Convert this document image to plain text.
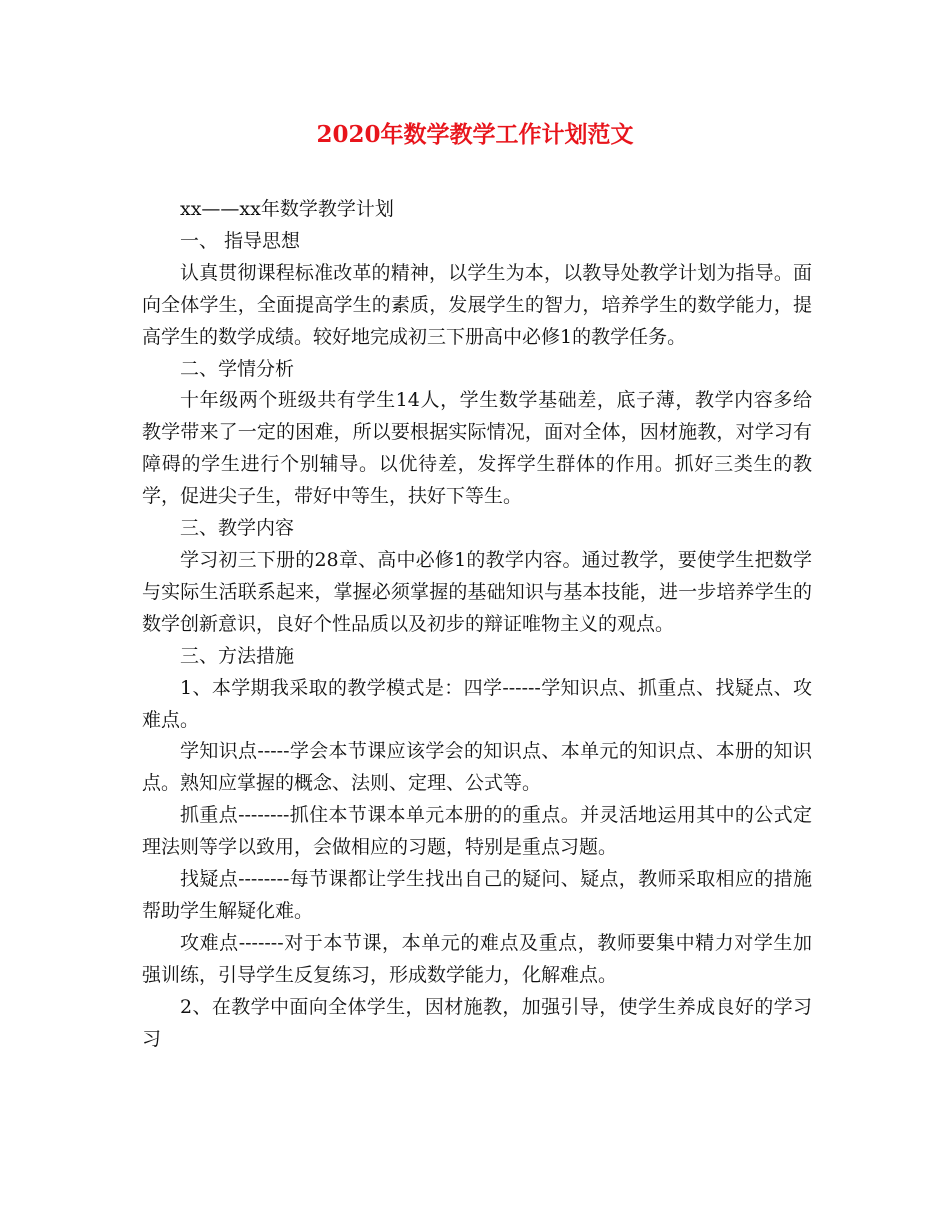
2020年数学教学工作计划范文

xx——xx年数学教学计划

一、 指导思想

认真贯彻课程标准改革的精神，以学生为本，以教导处教学计划为指导。面向全体学生，全面提高学生的素质，发展学生的智力，培养学生的数学能力，提高学生的数学成绩。较好地完成初三下册高中必修1的教学任务。

二、学情分析

十年级两个班级共有学生14人，学生数学基础差，底子薄，教学内容多给教学带来了一定的困难，所以要根据实际情况，面对全体，因材施教，对学习有障碍的学生进行个别辅导。以优待差，发挥学生群体的作用。抓好三类生的教学，促进尖子生，带好中等生，扶好下等生。

三、教学内容

学习初三下册的28章、高中必修1的教学内容。通过教学，要使学生把数学与实际生活联系起来，掌握必须掌握的基础知识与基本技能，进一步培养学生的数学创新意识，良好个性品质以及初步的辩证唯物主义的观点。

三、方法措施

1、本学期我采取的教学模式是：四学------学知识点、抓重点、找疑点、攻难点。

学知识点-----学会本节课应该学会的知识点、本单元的知识点、本册的知识点。熟知应掌握的概念、法则、定理、公式等。

抓重点--------抓住本节课本单元本册的的重点。并灵活地运用其中的公式定理法则等学以致用，会做相应的习题，特别是重点习题。

找疑点--------每节课都让学生找出自己的疑问、疑点，教师采取相应的措施帮助学生解疑化难。

攻难点-------对于本节课，本单元的难点及重点，教师要集中精力对学生加强训练，引导学生反复练习，形成数学能力，化解难点。

2、在教学中面向全体学生，因材施教，加强引导，使学生养成良好的学习习
